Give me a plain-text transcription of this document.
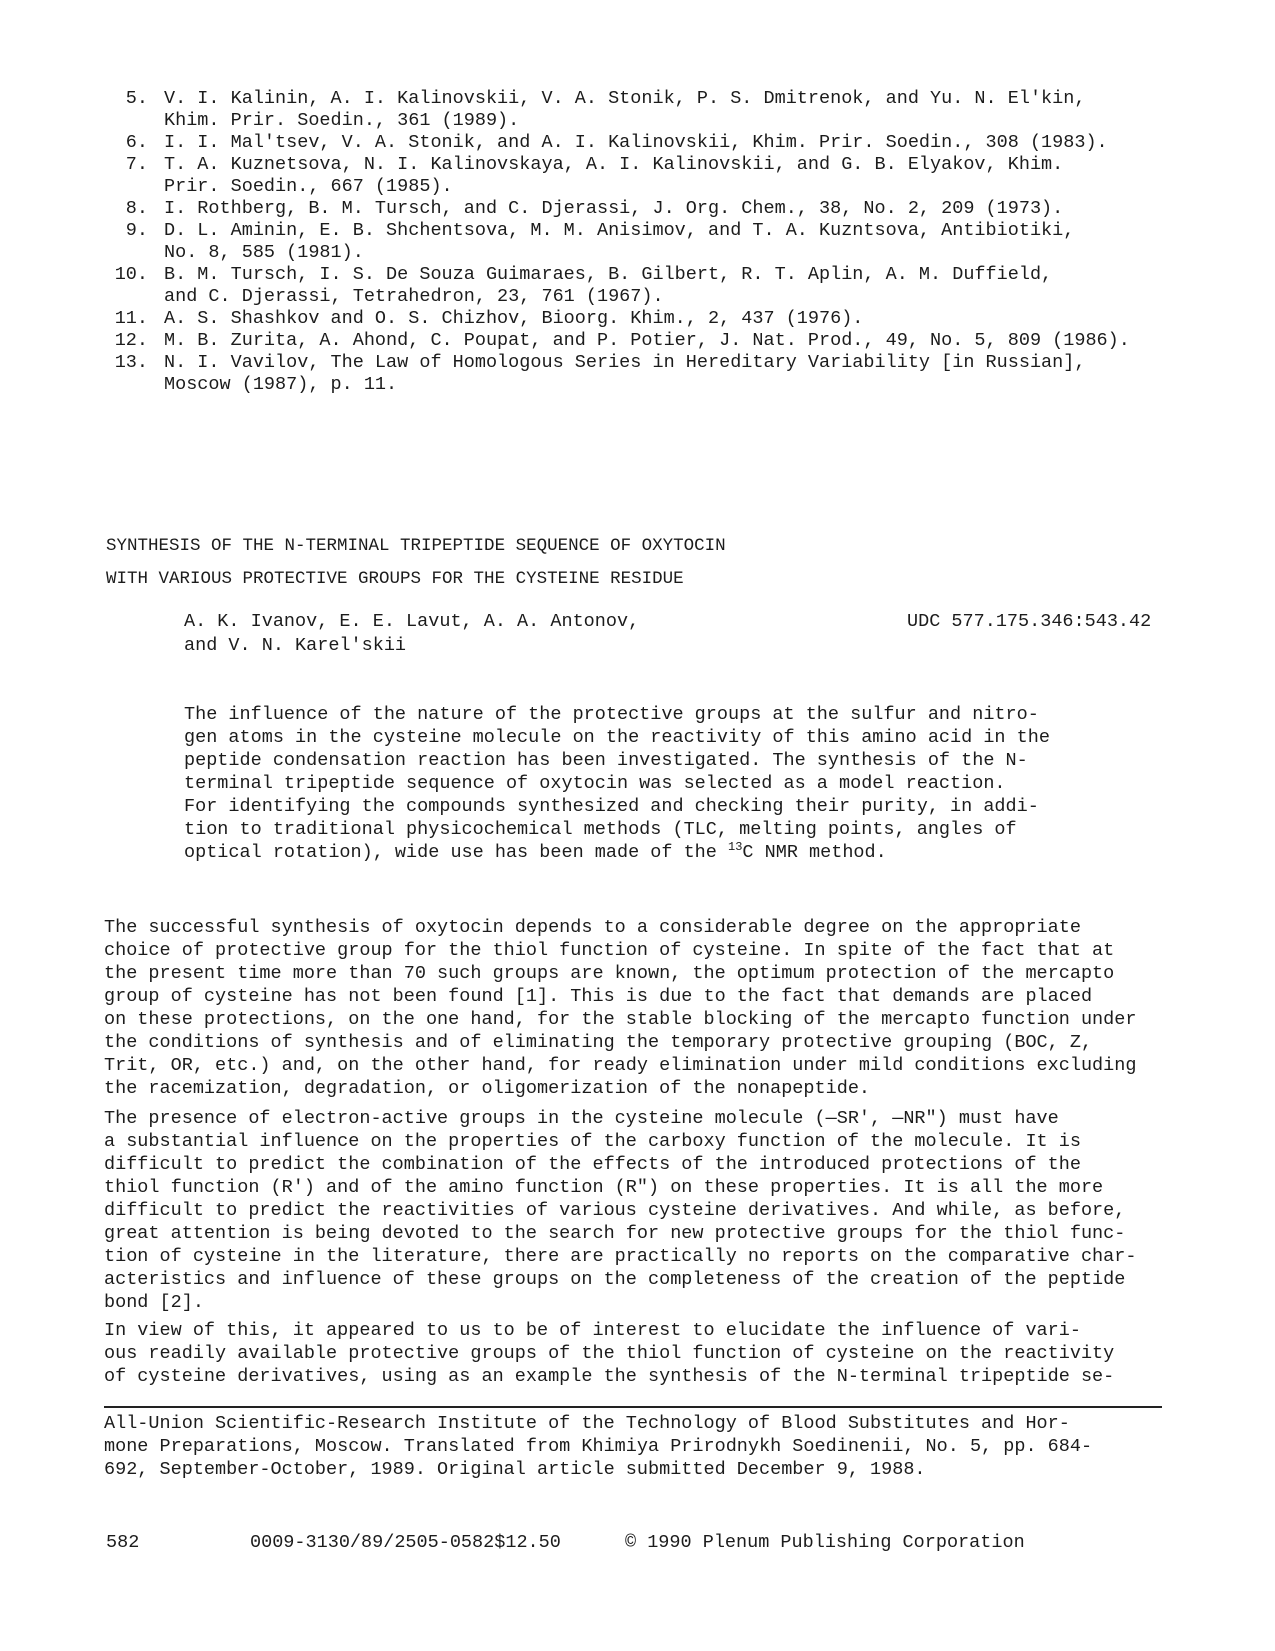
5. V. I. Kalinin, A. I. Kalinovskii, V. A. Stonik, P. S. Dmitrenok, and Yu. N. El'kin,
Khim. Prir. Soedin., 361 (1989).
6. I. I. Mal'tsev, V. A. Stonik, and A. I. Kalinovskii, Khim. Prir. Soedin., 308 (1983).
7. T. A. Kuznetsova, N. I. Kalinovskaya, A. I. Kalinovskii, and G. B. Elyakov, Khim.
Prir. Soedin., 667 (1985).
8. I. Rothberg, B. M. Tursch, and C. Djerassi, J. Org. Chem., 38, No. 2, 209 (1973).
9. D. L. Aminin, E. B. Shchentsova, M. M. Anisimov, and T. A. Kuzntsova, Antibiotiki,
No. 8, 585 (1981).
10. B. M. Tursch, I. S. De Souza Guimaraes, B. Gilbert, R. T. Aplin, A. M. Duffield,
and C. Djerassi, Tetrahedron, 23, 761 (1967).
11. A. S. Shashkov and O. S. Chizhov, Bioorg. Khim., 2, 437 (1976).
12. M. B. Zurita, A. Ahond, C. Poupat, and P. Potier, J. Nat. Prod., 49, No. 5, 809 (1986).
13. N. I. Vavilov, The Law of Homologous Series in Hereditary Variability [in Russian],
Moscow (1987), p. 11.
SYNTHESIS OF THE N-TERMINAL TRIPEPTIDE SEQUENCE OF OXYTOCIN
WITH VARIOUS PROTECTIVE GROUPS FOR THE CYSTEINE RESIDUE
A. K. Ivanov, E. E. Lavut, A. A. Antonov,
and V. N. Karel'skii
UDC 577.175.346:543.42
The influence of the nature of the protective groups at the sulfur and nitro-
gen atoms in the cysteine molecule on the reactivity of this amino acid in the
peptide condensation reaction has been investigated. The synthesis of the N-
terminal tripeptide sequence of oxytocin was selected as a model reaction.
For identifying the compounds synthesized and checking their purity, in addi-
tion to traditional physicochemical methods (TLC, melting points, angles of
optical rotation), wide use has been made of the $^{13}$C NMR method.
The successful synthesis of oxytocin depends to a considerable degree on the appropriate
choice of protective group for the thiol function of cysteine. In spite of the fact that at
the present time more than 70 such groups are known, the optimum protection of the mercapto
group of cysteine has not been found [1]. This is due to the fact that demands are placed
on these protections, on the one hand, for the stable blocking of the mercapto function under
the conditions of synthesis and of eliminating the temporary protective grouping (BOC, Z,
Trit, OR, etc.) and, on the other hand, for ready elimination under mild conditions excluding
the racemization, degradation, or oligomerization of the nonapeptide.
The presence of electron-active groups in the cysteine molecule (—SR', —NR") must have
a substantial influence on the properties of the carboxy function of the molecule. It is
difficult to predict the combination of the effects of the introduced protections of the
thiol function (R') and of the amino function (R") on these properties. It is all the more
difficult to predict the reactivities of various cysteine derivatives. And while, as before,
great attention is being devoted to the search for new protective groups for the thiol func-
tion of cysteine in the literature, there are practically no reports on the comparative char-
acteristics and influence of these groups on the completeness of the creation of the peptide
bond [2].
In view of this, it appeared to us to be of interest to elucidate the influence of vari-
ous readily available protective groups of the thiol function of cysteine on the reactivity
of cysteine derivatives, using as an example the synthesis of the N-terminal tripeptide se-
All-Union Scientific-Research Institute of the Technology of Blood Substitutes and Hor-
mone Preparations, Moscow. Translated from Khimiya Prirodnykh Soedinenii, No. 5, pp. 684-
692, September-October, 1989. Original article submitted December 9, 1988.
582	0009-3130/89/2505-0582$12.50	© 1990 Plenum Publishing Corporation
